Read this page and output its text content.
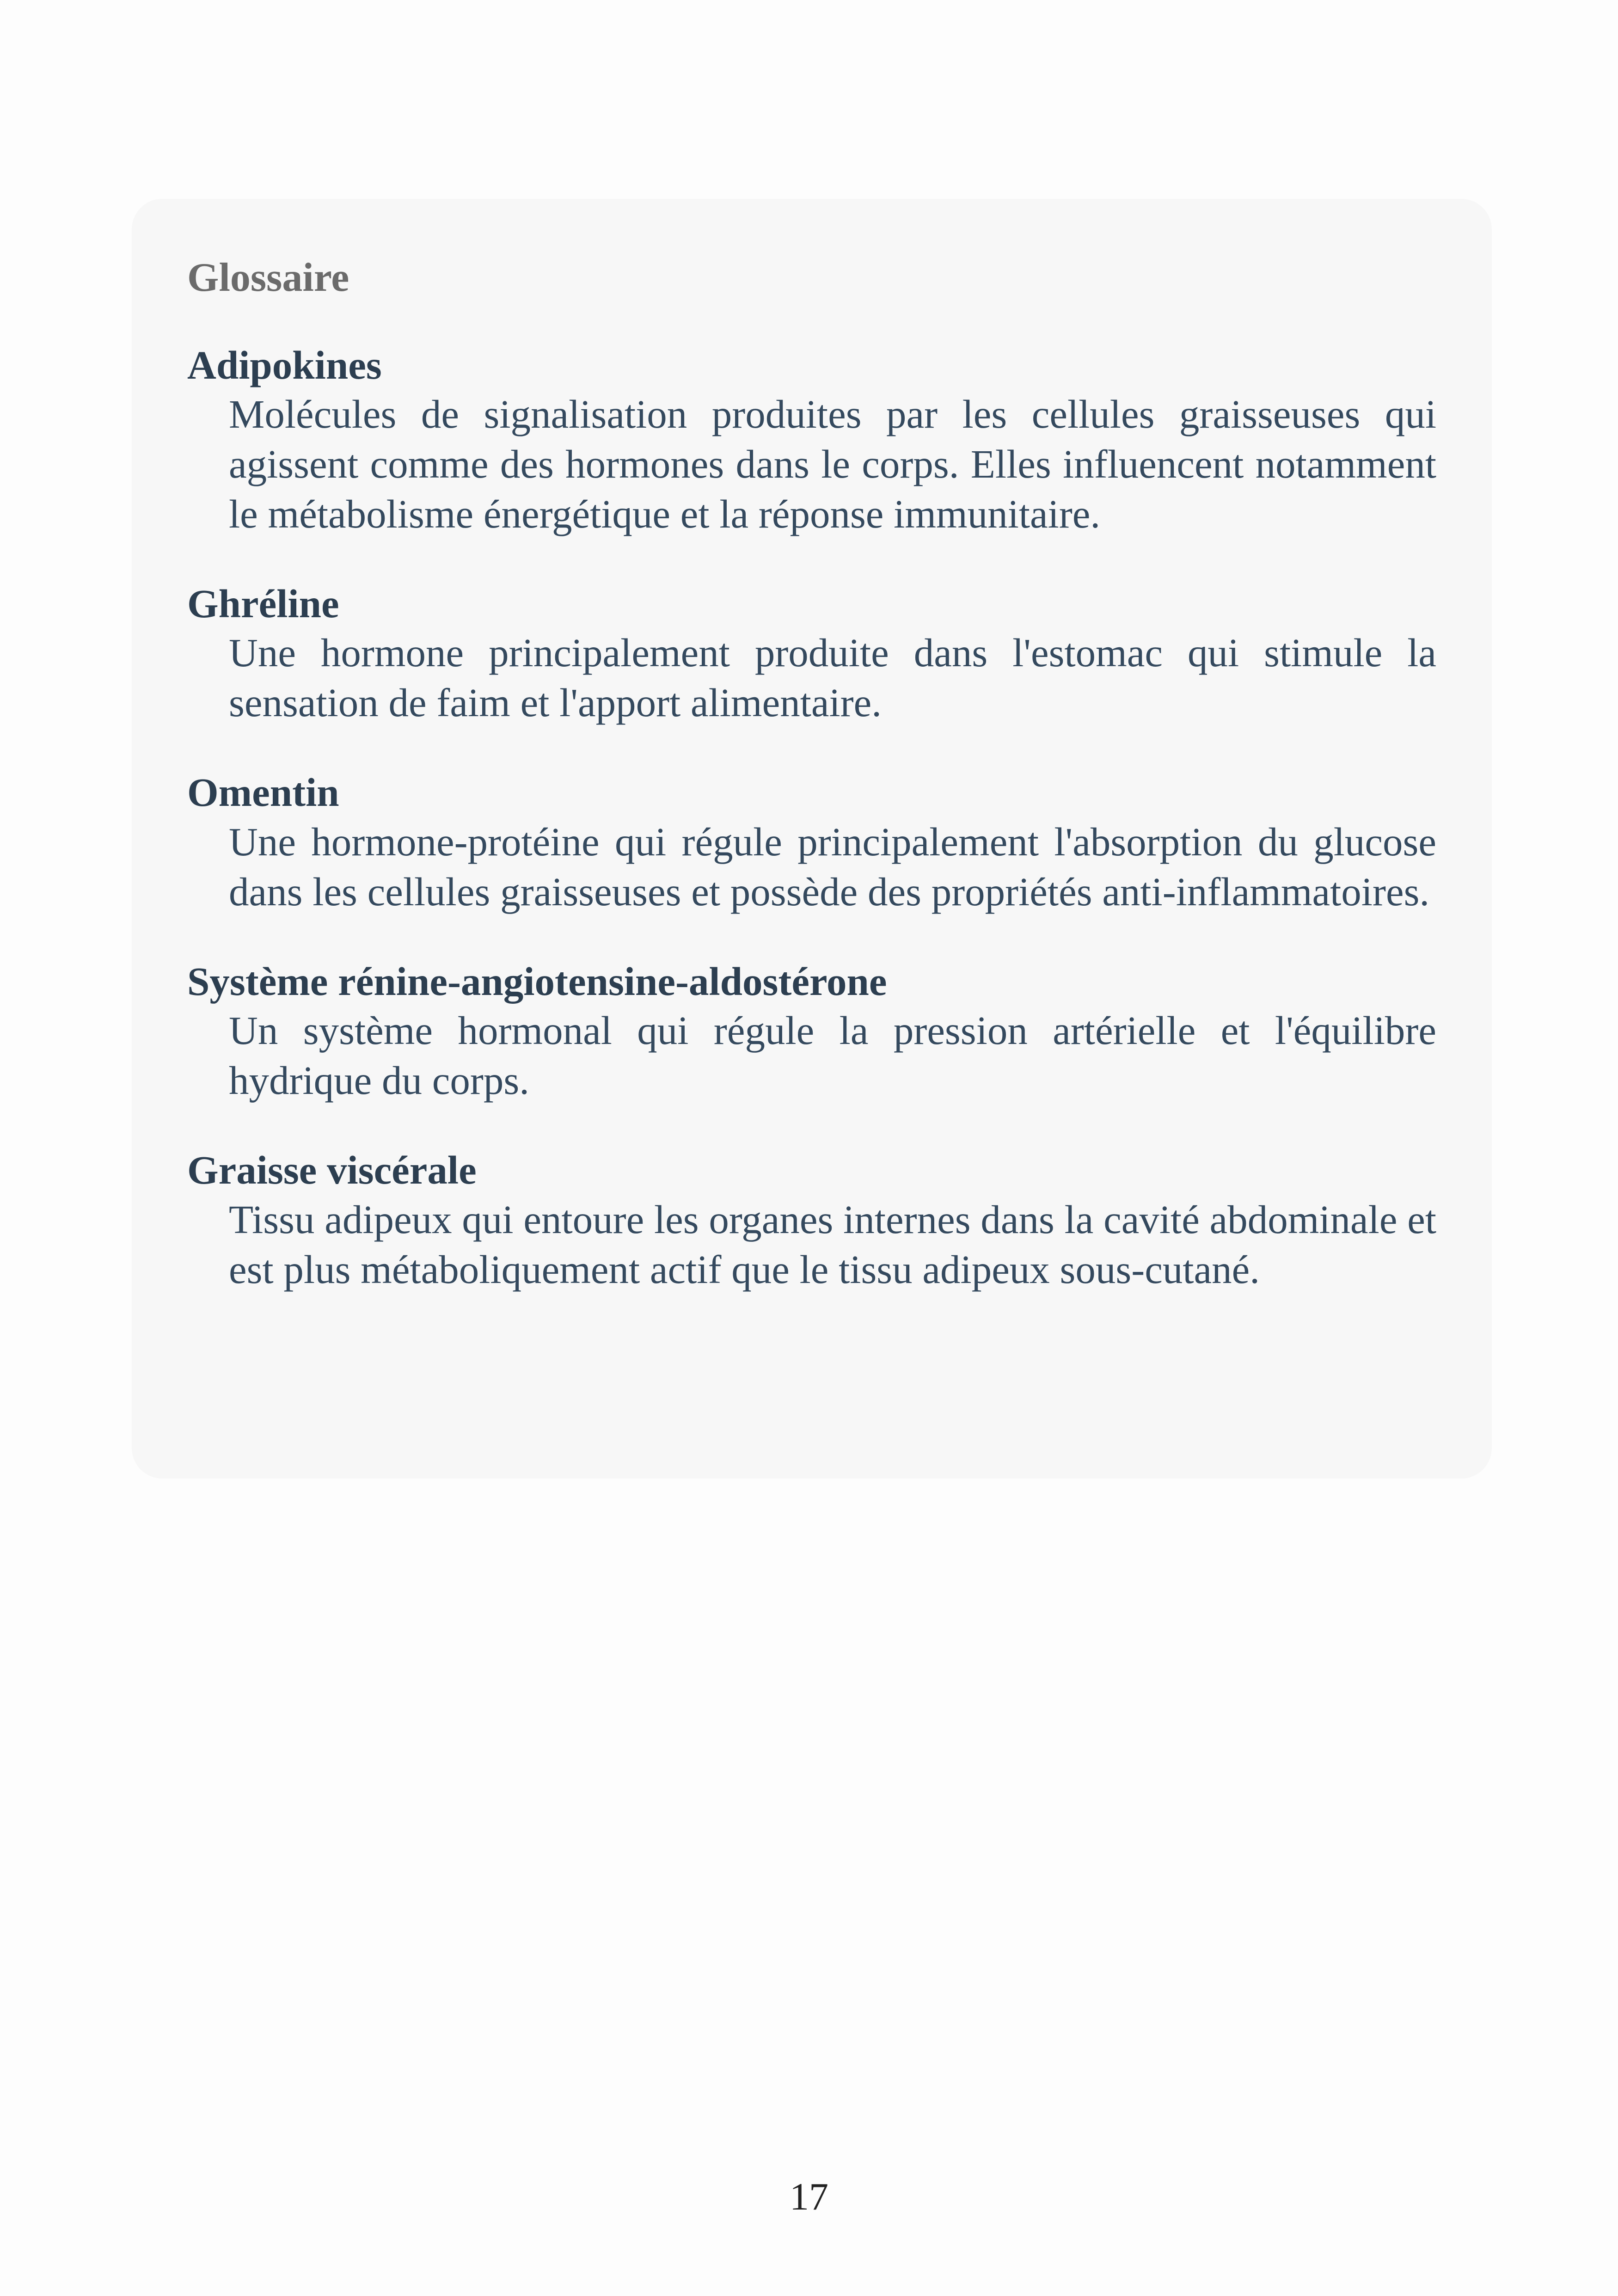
Glossaire
Adipokines
Molécules de signalisation produites par les cellules graisseuses qui agissent comme des hormones dans le corps. Elles influencent notamment le métabolisme énergétique et la réponse immunitaire.
Ghréline
Une hormone principalement produite dans l'estomac qui stimule la sensation de faim et l'apport alimentaire.
Omentin
Une hormone-protéine qui régule principalement l'absorption du glucose dans les cellules graisseuses et possède des propriétés anti-inflammatoires.
Système rénine-angiotensine-aldostérone
Un système hormonal qui régule la pression artérielle et l'équilibre hydrique du corps.
Graisse viscérale
Tissu adipeux qui entoure les organes internes dans la cavité abdominale et est plus métaboliquement actif que le tissu adipeux sous-cutané.
17
